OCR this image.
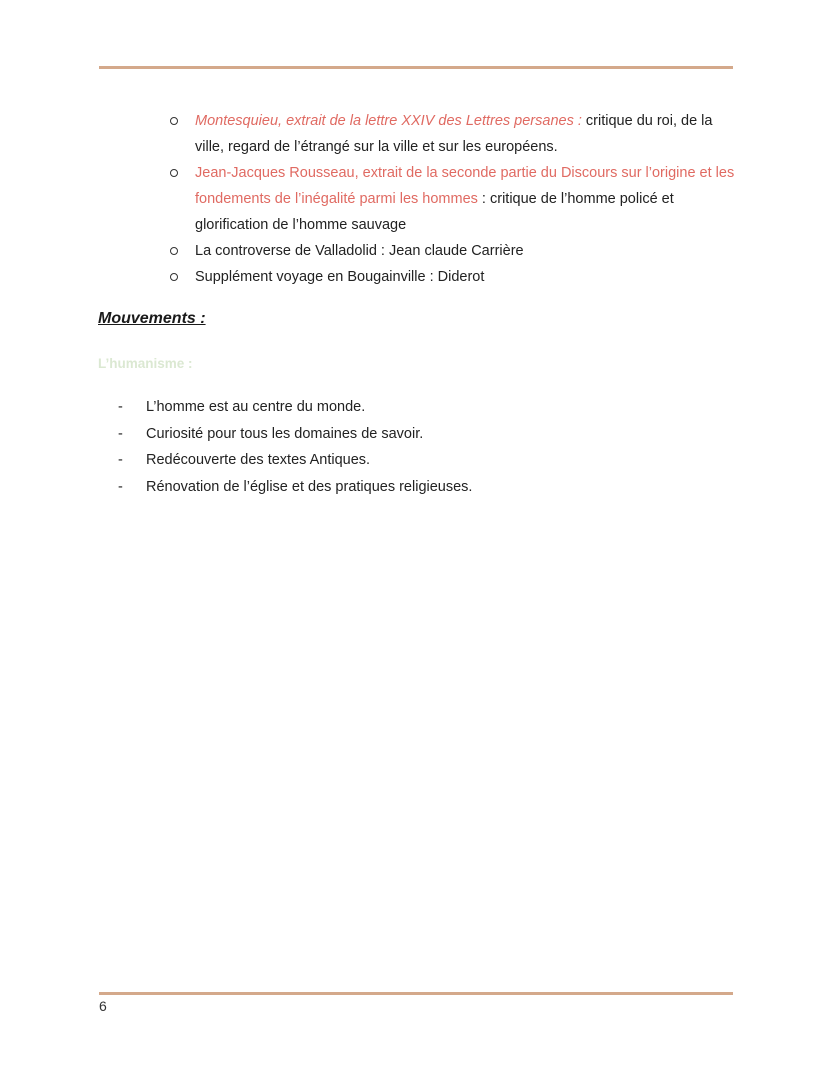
Montesquieu, extrait de la lettre XXIV des Lettres persanes : critique du roi, de la ville, regard de l’étrangé sur la ville et sur les européens.
Jean-Jacques Rousseau, extrait de la seconde partie du Discours sur l’origine et les fondements de l’inégalité parmi les hommes : critique de l’homme policé et glorification de l’homme sauvage
La controverse de Valladolid : Jean claude Carrière
Supplément voyage en Bougainville : Diderot
Mouvements :
L’humanisme :
- L’homme est au centre du monde.
- Curiosité pour tous les domaines de savoir.
- Redécouverte des textes Antiques.
- Rénovation de l’église et des pratiques religieuses.
6
